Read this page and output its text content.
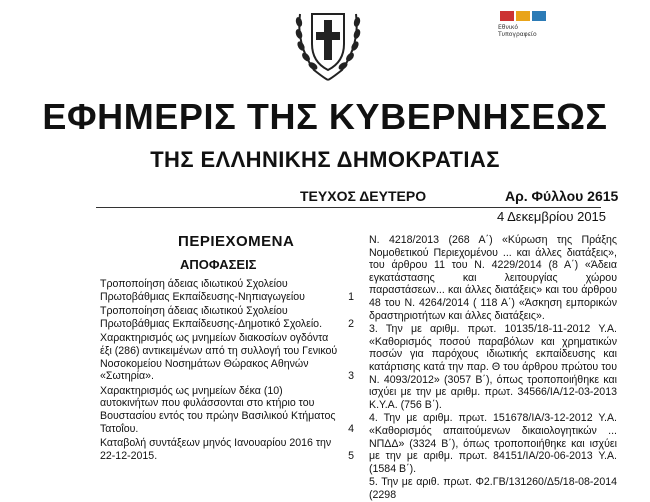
Εθνικό Τυπογραφείο
ΕΦΗΜΕΡΙΣ ΤΗΣ ΚΥΒΕΡΝΗΣΕΩΣ
ΤΗΣ ΕΛΛΗΝΙΚΗΣ ΔΗΜΟΚΡΑΤΙΑΣ
ΤΕΥΧΟΣ ΔΕΥΤΕΡΟ	Αρ. Φύλλου 2615
4 Δεκεμβρίου 2015
ΠΕΡΙΕΧΟΜΕΝΑ
ΑΠΟΦΑΣΕΙΣ
Τροποποίηση άδειας ιδιωτικού Σχολείου Πρωτοβάθμιας Εκπαίδευσης-Νηπιαγωγείου	1
Τροποποίηση άδειας ιδιωτικού Σχολείου Πρωτοβάθμιας Εκπαίδευσης-Δημοτικό Σχολείο. 2
Χαρακτηρισμός ως μνημείων διακοσίων ογδόντα έξι (286) αντικειμένων από τη συλλογή του Γενικού Νοσοκομείου Νοσημάτων Θώρακος Αθηνών «Σωτηρία».	3
Χαρακτηρισμός ως μνημείων δέκα (10) αυτοκινήτων που φυλάσσονται στο κτήριο του Βουστασίου εντός του πρώην Βασιλικού Κτήματος Τατοΐου.	4
Καταβολή συντάξεων μηνός Ιανουαρίου 2016 την 22-12-2015.	5

Ν. 4218/2013 (268 Α΄) «Κύρωση της Πράξης Νομοθετικού Περιεχομένου ... και άλλες διατάξεις», του άρθρου 11 του Ν. 4229/2014 (8 Α΄) «Άδεια εγκατάστασης και λειτουργίας χώρου παραστάσεων... και άλλες διατάξεις» και του άρθρου 48 του Ν. 4264/2014 ( 118 Α΄) «Άσκηση εμπορικών δραστηριοτήτων και άλλες διατάξεις».

3. Την με αριθμ. πρωτ. 10135/18-11-2012 Υ.Α. «Καθορισμός ποσού παραβόλων και χρηματικών ποσών για παρόχους ιδιωτικής εκπαίδευσης και κατάρτισης κατά την παρ. Θ του άρθρου πρώτου του Ν. 4093/2012» (3057 Β΄), όπως τροποποιήθηκε και ισχύει με την με αριθμ. πρωτ. 34566/ΙΑ/12-03-2013 Κ.Υ.Α. (756 Β΄).

4. Την με αριθμ. πρωτ. 151678/ΙΑ/3-12-2012 Υ.Α. «Καθορισμός απαιτούμενων δικαιολογητικών ... ΝΠΔΔ» (3324 Β΄), όπως τροποποιήθηκε και ισχύει με την με αριθμ. πρωτ. 84151/ΙΑ/20-06-2013 Υ.Α. (1584 Β΄).

5. Την με αριθ. πρωτ. Φ2.ΓΒ/131260/Δ5/18-08-2014 (2298
